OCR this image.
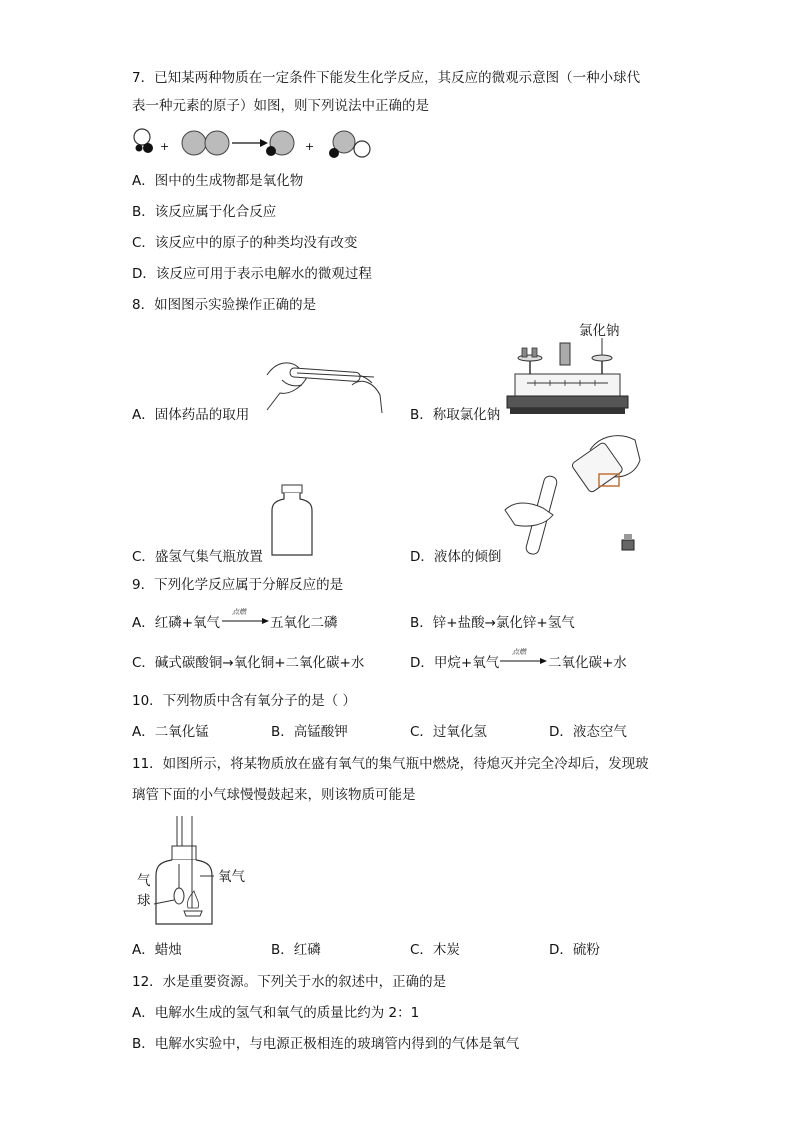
7．已知某两种物质在一定条件下能发生化学反应，其反应的微观示意图（一种小球代
表一种元素的原子）如图，则下列说法中正确的是
+	+
A．图中的生成物都是氧化物
B．该反应属于化合反应
C．该反应中的原子的种类均没有改变
D．该反应可用于表示电解水的微观过程
8．如图图示实验操作正确的是
A．固体药品的取用
氯化钠
B．称取氯化钠
C．盛氢气集气瓶放置	D．液体的倾倒
9．下列化学反应属于分解反应的是
A．红磷+氧气
点燃
五氧化二磷	B．锌+盐酸→氯化锌+氢气
C．碱式碳酸铜→氧化铜+二氧化碳+水	D．甲烷+氧气
点燃
二氧化碳+水
10．下列物质中含有氧分子的是（ ）
A．二氧化锰	B．高锰酸钾	C．过氧化氢	D．液态空气
11．如图所示，将某物质放在盛有氧气的集气瓶中燃烧，待熄灭并完全冷却后，发现玻
璃管下面的小气球慢慢鼓起来，则该物质可能是
氧气
气
球
A．蜡烛	B．红磷	C．木炭	D．硫粉
12．水是重要资源。下列关于水的叙述中，正确的是
A．电解水生成的氢气和氧气的质量比约为 2：1
B．电解水实验中，与电源正极相连的玻璃管内得到的气体是氧气
